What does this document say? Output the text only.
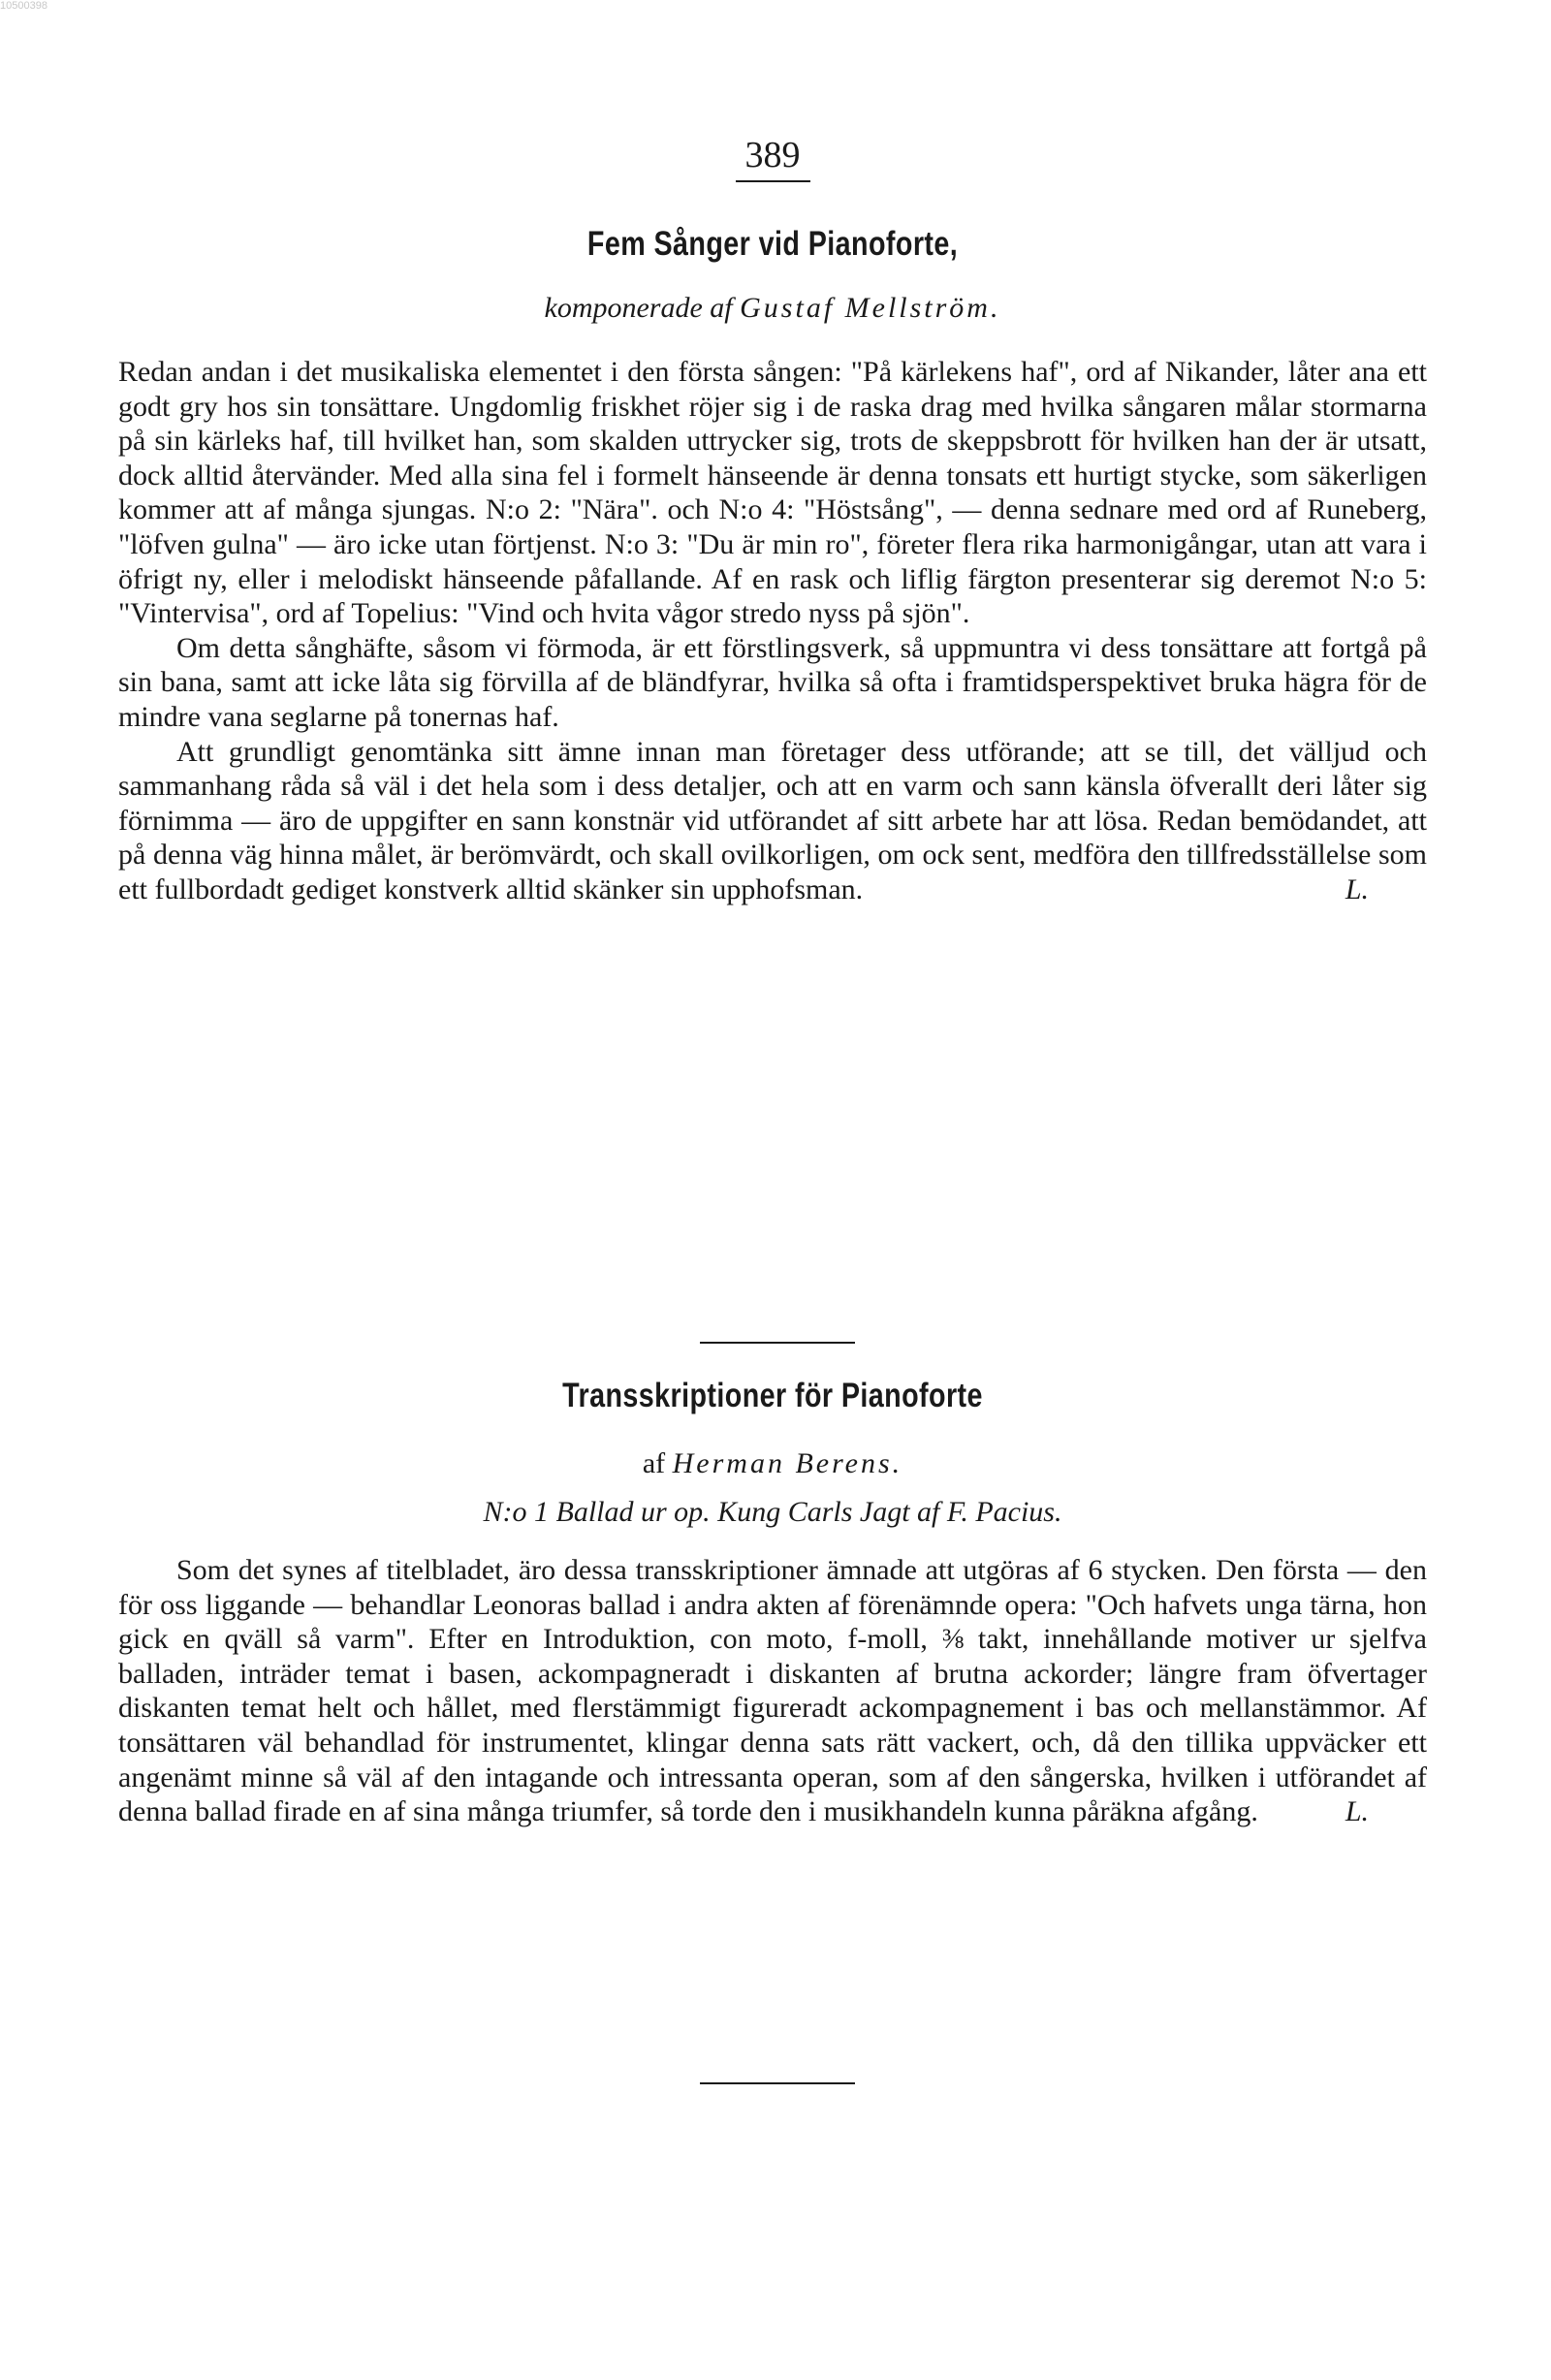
10500398
389
Fem Sånger vid Pianoforte,
komponerade af Gustaf Mellström.

Redan andan i det musikaliska elementet i den första sången: "På kärlekens haf", ord af Nikander, låter ana ett godt gry hos sin tonsättare. Ungdomlig friskhet röjer sig i de raska drag med hvilka sångaren målar stormarna på sin kärleks haf, till hvilket han, som skalden uttrycker sig, trots de skeppsbrott för hvilken han der är utsatt, dock alltid återvänder. Med alla sina fel i formelt hänseende är denna tonsats ett hurtigt stycke, som säkerligen kommer att af många sjungas. N:o 2: "Nära". och N:o 4: "Höstsång", — denna sednare med ord af Runeberg, "löfven gulna" — äro icke utan förtjenst. N:o 3: "Du är min ro", företer flera rika harmonigångar, utan att vara i öfrigt ny, eller i melodiskt hänseende påfallande. Af en rask och liflig färgton presenterar sig deremot N:o 5: "Vintervisa", ord af Topelius: "Vind och hvita vågor stredo nyss på sjön".

Om detta sånghäfte, såsom vi förmoda, är ett förstlingsverk, så uppmuntra vi dess tonsättare att fortgå på sin bana, samt att icke låta sig förvilla af de bländfyrar, hvilka så ofta i framtidsperspektivet bruka hägra för de mindre vana seglarne på tonernas haf.

Att grundligt genomtänka sitt ämne innan man företager dess utförande; att se till, det välljud och sammanhang råda så väl i det hela som i dess detaljer, och att en varm och sann känsla öfverallt deri låter sig förnimma — äro de uppgifter en sann konstnär vid utförandet af sitt arbete har att lösa. Redan bemödandet, att på denna väg hinna målet, är berömvärdt, och skall ovilkorligen, om ock sent, medföra den tillfredsställelse som ett fullbordadt gediget konstverk alltid skänker sin upphofsman.	L.

Transskriptioner för Pianoforte
af Herman Berens.
N:o 1 Ballad ur op. Kung Carls Jagt af F. Pacius.

Som det synes af titelbladet, äro dessa transskriptioner ämnade att utgöras af 6 stycken. Den första — den för oss liggande — behandlar Leonoras ballad i andra akten af förenämnde opera: "Och hafvets unga tärna, hon gick en qväll så varm". Efter en Introduktion, con moto, f-moll, ⅜ takt, innehållande motiver ur sjelfva balladen, inträder temat i basen, ackompagneradt i diskanten af brutna ackorder; längre fram öfvertager diskanten temat helt och hållet, med flerstämmigt figureradt ackompagnement i bas och mellanstämmor. Af tonsättaren väl behandlad för instrumentet, klingar denna sats rätt vackert, och, då den tillika uppväcker ett angenämt minne så väl af den intagande och intressanta operan, som af den sångerska, hvilken i utförandet af denna ballad firade en af sina många triumfer, så torde den i musikhandeln kunna påräkna afgång.	L.
